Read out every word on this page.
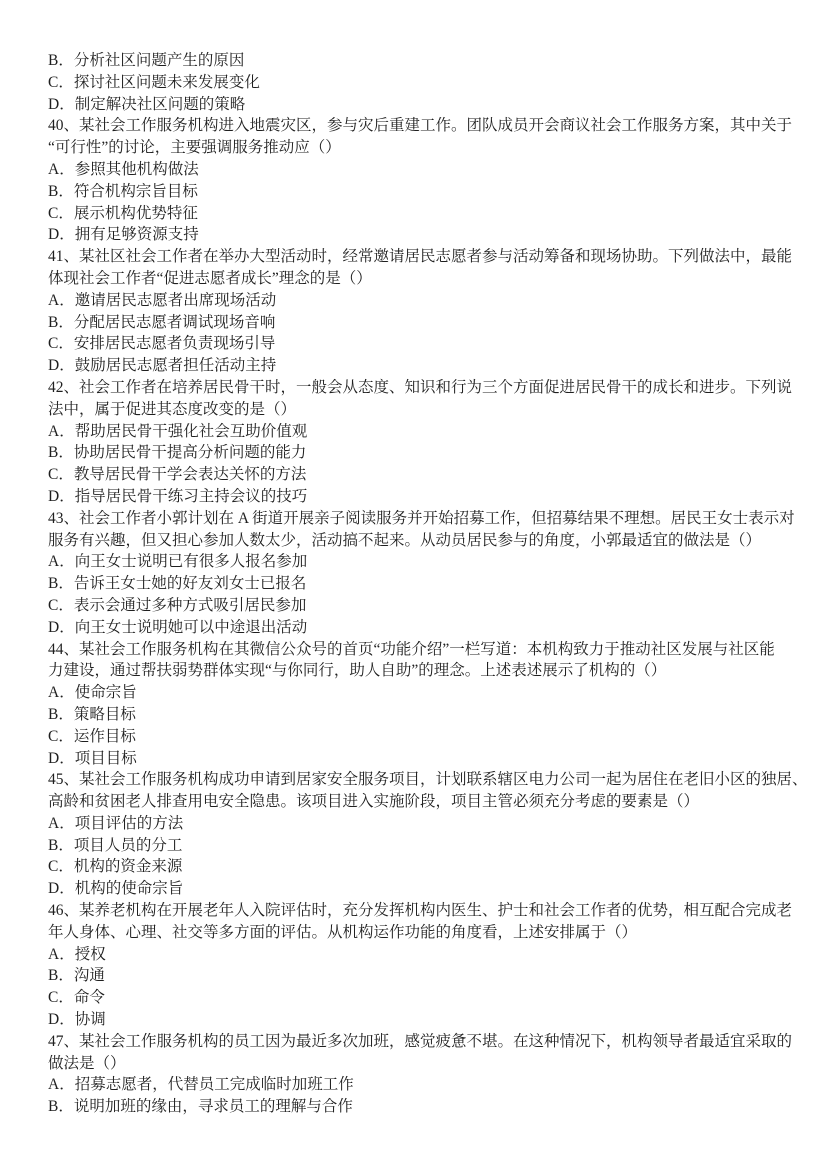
B．分析社区问题产生的原因
C．探讨社区问题未来发展变化
D．制定解决社区问题的策略
40、某社会工作服务机构进入地震灾区，参与灾后重建工作。团队成员开会商议社会工作服务方案，其中关于
“可行性”的讨论，主要强调服务推动应（）
A．参照其他机构做法
B．符合机构宗旨目标
C．展示机构优势特征
D．拥有足够资源支持
41、某社区社会工作者在举办大型活动时，经常邀请居民志愿者参与活动筹备和现场协助。下列做法中，最能
体现社会工作者“促进志愿者成长”理念的是（）
A．邀请居民志愿者出席现场活动
B．分配居民志愿者调试现场音响
C．安排居民志愿者负责现场引导
D．鼓励居民志愿者担任活动主持
42、社会工作者在培养居民骨干时，一般会从态度、知识和行为三个方面促进居民骨干的成长和进步。下列说
法中，属于促进其态度改变的是（）
A．帮助居民骨干强化社会互助价值观
B．协助居民骨干提高分析问题的能力
C．教导居民骨干学会表达关怀的方法
D．指导居民骨干练习主持会议的技巧
43、社会工作者小郭计划在 A 街道开展亲子阅读服务并开始招募工作，但招募结果不理想。居民王女士表示对
服务有兴趣，但又担心参加人数太少，活动搞不起来。从动员居民参与的角度，小郭最适宜的做法是（）
A．向王女士说明已有很多人报名参加
B．告诉王女士她的好友刘女士已报名
C．表示会通过多种方式吸引居民参加
D．向王女士说明她可以中途退出活动
44、某社会工作服务机构在其微信公众号的首页“功能介绍”一栏写道：本机构致力于推动社区发展与社区能
力建设，通过帮扶弱势群体实现“与你同行，助人自助”的理念。上述表述展示了机构的（）
A．使命宗旨
B．策略目标
C．运作目标
D．项目目标
45、某社会工作服务机构成功申请到居家安全服务项目，计划联系辖区电力公司一起为居住在老旧小区的独居、
高龄和贫困老人排查用电安全隐患。该项目进入实施阶段，项目主管必须充分考虑的要素是（）
A．项目评估的方法
B．项目人员的分工
C．机构的资金来源
D．机构的使命宗旨
46、某养老机构在开展老年人入院评估时，充分发挥机构内医生、护士和社会工作者的优势，相互配合完成老
年人身体、心理、社交等多方面的评估。从机构运作功能的角度看，上述安排属于（）
A．授权
B．沟通
C．命令
D．协调
47、某社会工作服务机构的员工因为最近多次加班，感觉疲惫不堪。在这种情况下，机构领导者最适宜采取的
做法是（）
A．招募志愿者，代替员工完成临时加班工作
B．说明加班的缘由，寻求员工的理解与合作
